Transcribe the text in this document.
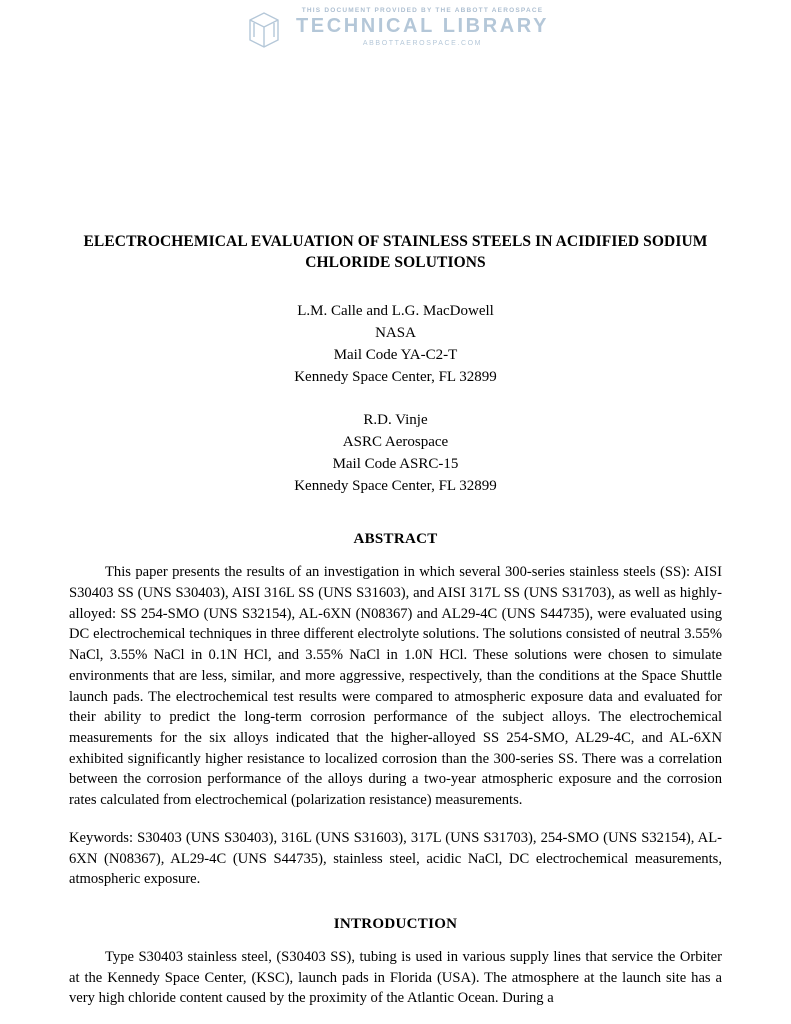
THIS DOCUMENT PROVIDED BY THE ABBOTT AEROSPACE
TECHNICAL LIBRARY
ABBOTTAEROSPACE.COM
ELECTROCHEMICAL EVALUATION OF STAINLESS STEELS IN ACIDIFIED SODIUM CHLORIDE SOLUTIONS
L.M. Calle and L.G. MacDowell
NASA
Mail Code YA-C2-T
Kennedy Space Center, FL 32899
R.D. Vinje
ASRC Aerospace
Mail Code ASRC-15
Kennedy Space Center, FL 32899
ABSTRACT
This paper presents the results of an investigation in which several 300-series stainless steels (SS): AISI S30403 SS (UNS S30403), AISI 316L SS (UNS S31603), and AISI 317L SS (UNS S31703), as well as highly-alloyed: SS 254-SMO (UNS S32154), AL-6XN (N08367) and AL29-4C (UNS S44735), were evaluated using DC electrochemical techniques in three different electrolyte solutions. The solutions consisted of neutral 3.55% NaCl, 3.55% NaCl in 0.1N HCl, and 3.55% NaCl in 1.0N HCl. These solutions were chosen to simulate environments that are less, similar, and more aggressive, respectively, than the conditions at the Space Shuttle launch pads. The electrochemical test results were compared to atmospheric exposure data and evaluated for their ability to predict the long-term corrosion performance of the subject alloys. The electrochemical measurements for the six alloys indicated that the higher-alloyed SS 254-SMO, AL29-4C, and AL-6XN exhibited significantly higher resistance to localized corrosion than the 300-series SS. There was a correlation between the corrosion performance of the alloys during a two-year atmospheric exposure and the corrosion rates calculated from electrochemical (polarization resistance) measurements.
Keywords: S30403 (UNS S30403), 316L (UNS S31603), 317L (UNS S31703), 254-SMO (UNS S32154), AL-6XN (N08367), AL29-4C (UNS S44735), stainless steel, acidic NaCl, DC electrochemical measurements, atmospheric exposure.
INTRODUCTION
Type S30403 stainless steel, (S30403 SS), tubing is used in various supply lines that service the Orbiter at the Kennedy Space Center, (KSC), launch pads in Florida (USA). The atmosphere at the launch site has a very high chloride content caused by the proximity of the Atlantic Ocean. During a
